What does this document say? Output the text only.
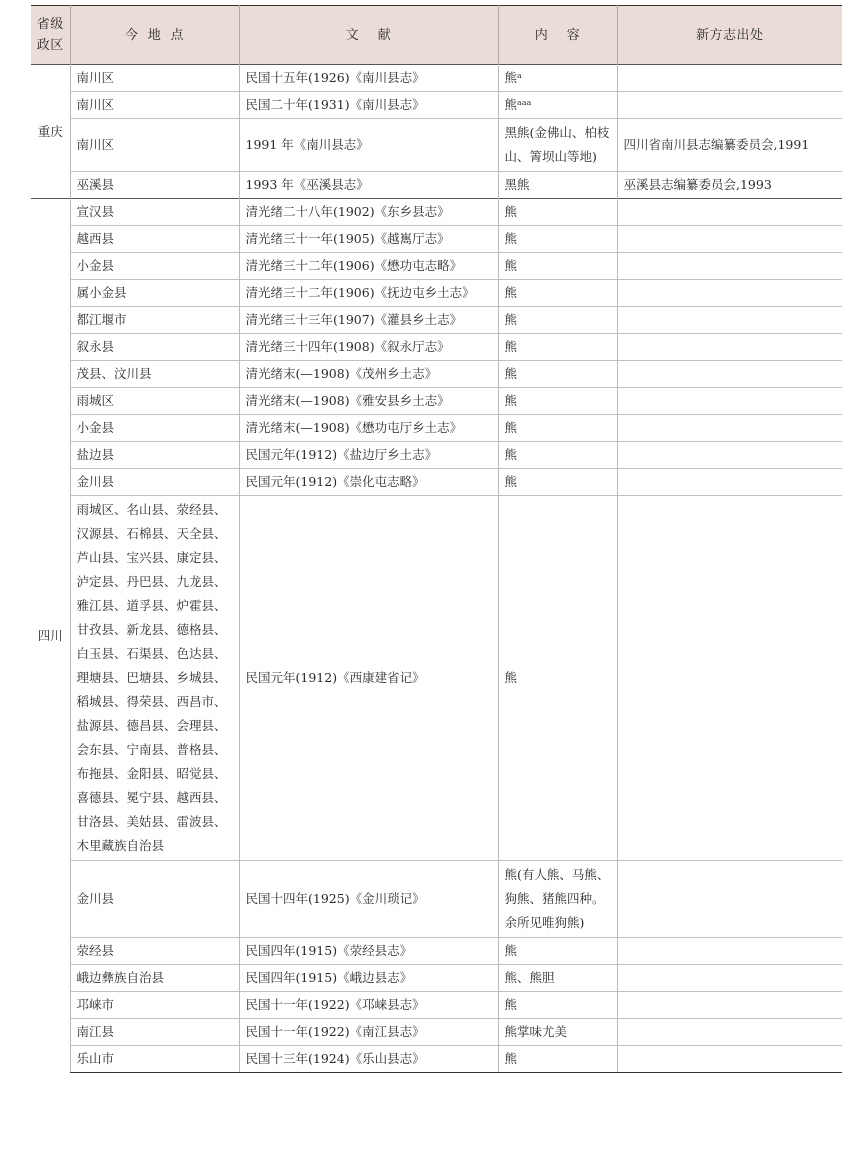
省级
政区	今  地  点	文    献	内    容	新方志出处
重庆	南川区	民国十五年(1926)《南川县志》	熊ᵃ	
	南川区	民国二十年(1931)《南川县志》	熊ᵃᵃᵃ	
	南川区	1991 年《南川县志》	黑熊(金佛山、柏枝山、箐坝山等地)	四川省南川县志编纂委员会,1991
	巫溪县	1993 年《巫溪县志》	黑熊	巫溪县志编纂委员会,1993
四川	宣汉县	清光绪二十八年(1902)《东乡县志》	熊	
	越西县	清光绪三十一年(1905)《越嶲厅志》	熊	
	小金县	清光绪三十二年(1906)《懋功屯志略》	熊	
	属小金县	清光绪三十二年(1906)《抚边屯乡土志》	熊	
	都江堰市	清光绪三十三年(1907)《灌县乡土志》	熊	
	叙永县	清光绪三十四年(1908)《叙永厅志》	熊	
	茂县、汶川县	清光绪末(—1908)《茂州乡土志》	熊	
	雨城区	清光绪末(—1908)《雅安县乡土志》	熊	
	小金县	清光绪末(—1908)《懋功屯厅乡土志》	熊	
	盐边县	民国元年(1912)《盐边厅乡土志》	熊	
	金川县	民国元年(1912)《崇化屯志略》	熊	
	雨城区、名山县、荥经县、汉源县、石棉县、天全县、芦山县、宝兴县、康定县、泸定县、丹巴县、九龙县、雅江县、道孚县、炉霍县、甘孜县、新龙县、德格县、白玉县、石渠县、色达县、理塘县、巴塘县、乡城县、稻城县、得荣县、西昌市、盐源县、德昌县、会理县、会东县、宁南县、普格县、布拖县、金阳县、昭觉县、喜德县、冕宁县、越西县、甘洛县、美姑县、雷波县、木里藏族自治县	民国元年(1912)《西康建省记》	熊	
	金川县	民国十四年(1925)《金川琐记》	熊(有人熊、马熊、狗熊、猪熊四种。余所见唯狗熊)	
	荥经县	民国四年(1915)《荥经县志》	熊	
	峨边彝族自治县	民国四年(1915)《峨边县志》	熊、熊胆	
	邛崃市	民国十一年(1922)《邛崃县志》	熊	
	南江县	民国十一年(1922)《南江县志》	熊掌味尤美	
	乐山市	民国十三年(1924)《乐山县志》	熊	
